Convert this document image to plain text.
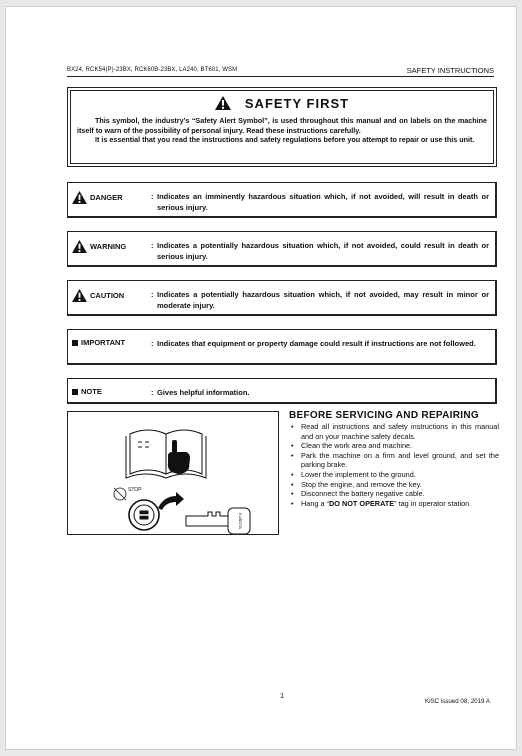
BX24, RCK54(P)-23BX, RCK60B-23BX, LA240, BT601, WSM	SAFETY INSTRUCTIONS
SAFETY FIRST

This symbol, the industry’s “Safety Alert Symbol”, is used throughout this manual and on labels on the machine itself to warn of the possibility of personal injury. Read these instructions carefully.

It is essential that you read the instructions and safety regulations before you attempt to repair or use this unit.

DANGER	: Indicates an imminently hazardous situation which, if not avoided, will result in death or serious injury.
WARNING	: Indicates a potentially hazardous situation which, if not avoided, could result in death or serious injury.
CAUTION	: Indicates a potentially hazardous situation which, if not avoided, may result in minor or moderate injury.
IMPORTANT	: Indicates that equipment or property damage could result if instructions are not followed.
NOTE	: Gives helpful information.
STOP
KUBOTA
BEFORE SERVICING AND REPAIRING
• Read all instructions and safety instructions in this manual and on your machine safety decals.
• Clean the work area and machine.
• Park the machine on a firm and level ground, and set the parking brake.
• Lower the implement to the ground.
• Stop the engine, and remove the key.
• Disconnect the battery negative cable.
• Hang a “DO NOT OPERATE” tag in operator station.
1
KiSC issued 08, 2019 A
